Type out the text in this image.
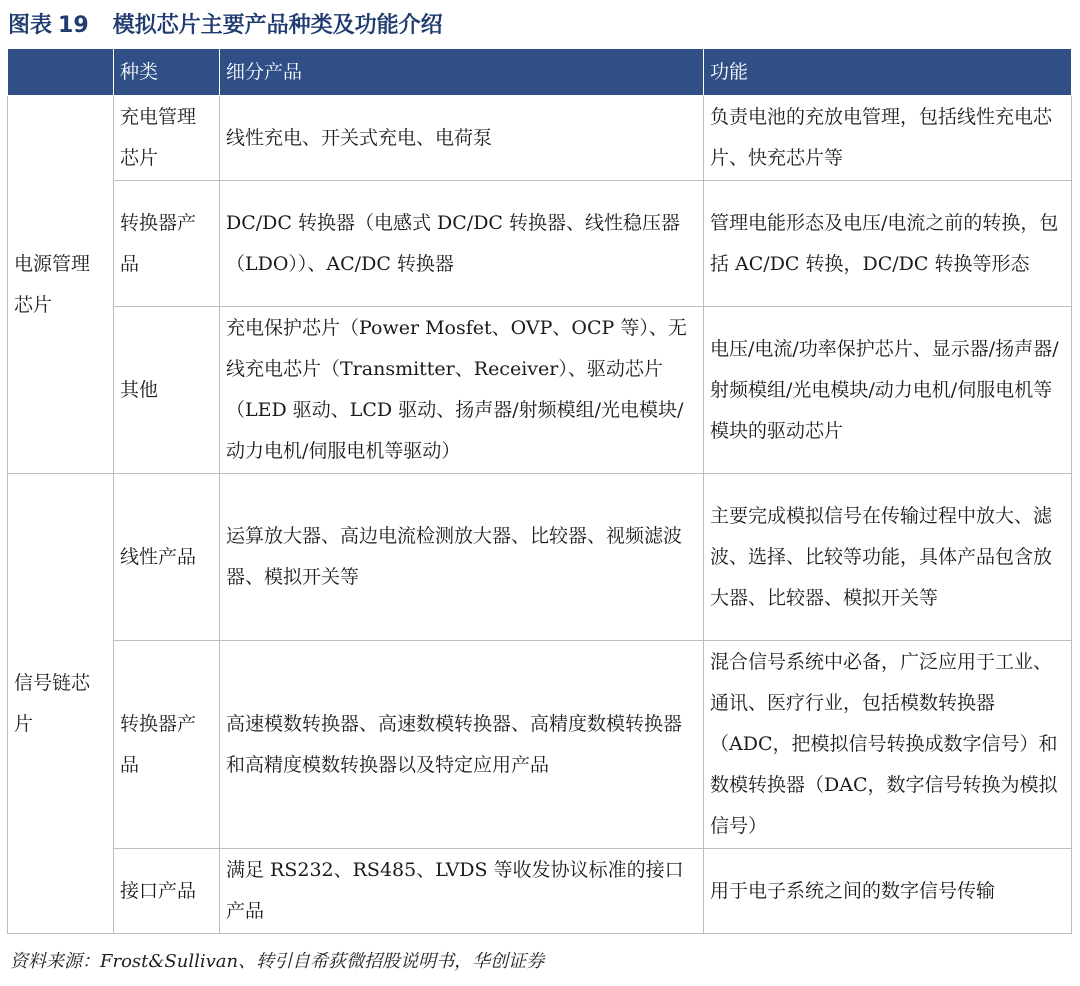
图表 19 模拟芯片主要产品种类及功能介绍
	种类	细分产品	功能
电源管理芯片	充电管理芯片	线性充电、开关式充电、电荷泵	负责电池的充放电管理，包括线性充电芯片、快充芯片等
	转换器产品	DC/DC 转换器（电感式 DC/DC 转换器、线性稳压器（LDO））、AC/DC 转换器	管理电能形态及电压/电流之前的转换，包括 AC/DC 转换，DC/DC 转换等形态
	其他	充电保护芯片（Power Mosfet、OVP、OCP 等）、无线充电芯片（Transmitter、Receiver）、驱动芯片（LED 驱动、LCD 驱动、扬声器/射频模组/光电模块/动力电机/伺服电机等驱动）	电压/电流/功率保护芯片、显示器/扬声器/射频模组/光电模块/动力电机/伺服电机等模块的驱动芯片
信号链芯片	线性产品	运算放大器、高边电流检测放大器、比较器、视频滤波器、模拟开关等	主要完成模拟信号在传输过程中放大、滤波、选择、比较等功能，具体产品包含放大器、比较器、模拟开关等
	转换器产品	高速模数转换器、高速数模转换器、高精度数模转换器和高精度模数转换器以及特定应用产品	混合信号系统中必备，广泛应用于工业、通讯、医疗行业，包括模数转换器（ADC，把模拟信号转换成数字信号）和数模转换器（DAC，数字信号转换为模拟信号）
	接口产品	满足 RS232、RS485、LVDS 等收发协议标准的接口产品	用于电子系统之间的数字信号传输
资料来源：Frost&Sullivan、转引自希荻微招股说明书，华创证券
